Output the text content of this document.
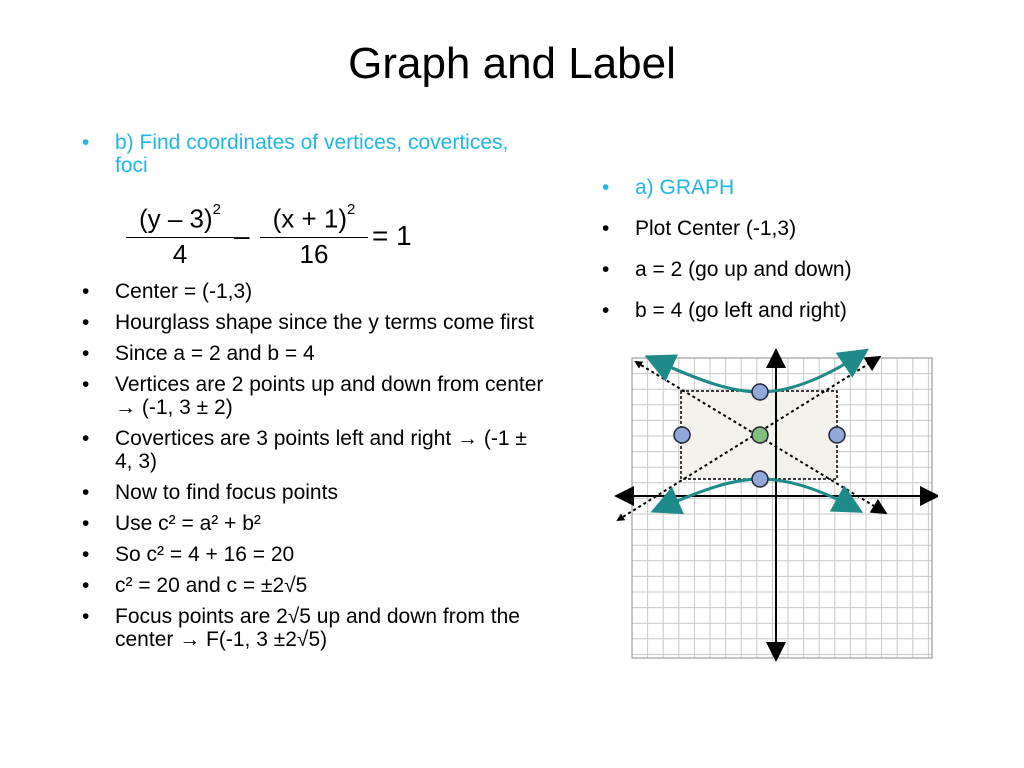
Graph and Label
• b) Find coordinates of vertices, covertices, foci
(y – 3)$^2$
4
–
$(x + 1)^2$
16
= 1
• Center = (-1,3)
• Hourglass shape since the y terms come first
• Since a = 2 and b = 4
• Vertices are 2 points up and down from center → (-1, 3 ± 2)
• Covertices are 3 points left and right → (-1 ± 4, 3)
• Now to find focus points
• Use c² = a² + b²
• So c² = 4 + 16 = 20
• c² = 20 and c = ±2√5
• Focus points are 2√5 up and down from the center → F(-1, 3 ±2√5)
• a) GRAPH
• Plot Center (-1,3)
• a = 2 (go up and down)
• b = 4 (go left and right)
